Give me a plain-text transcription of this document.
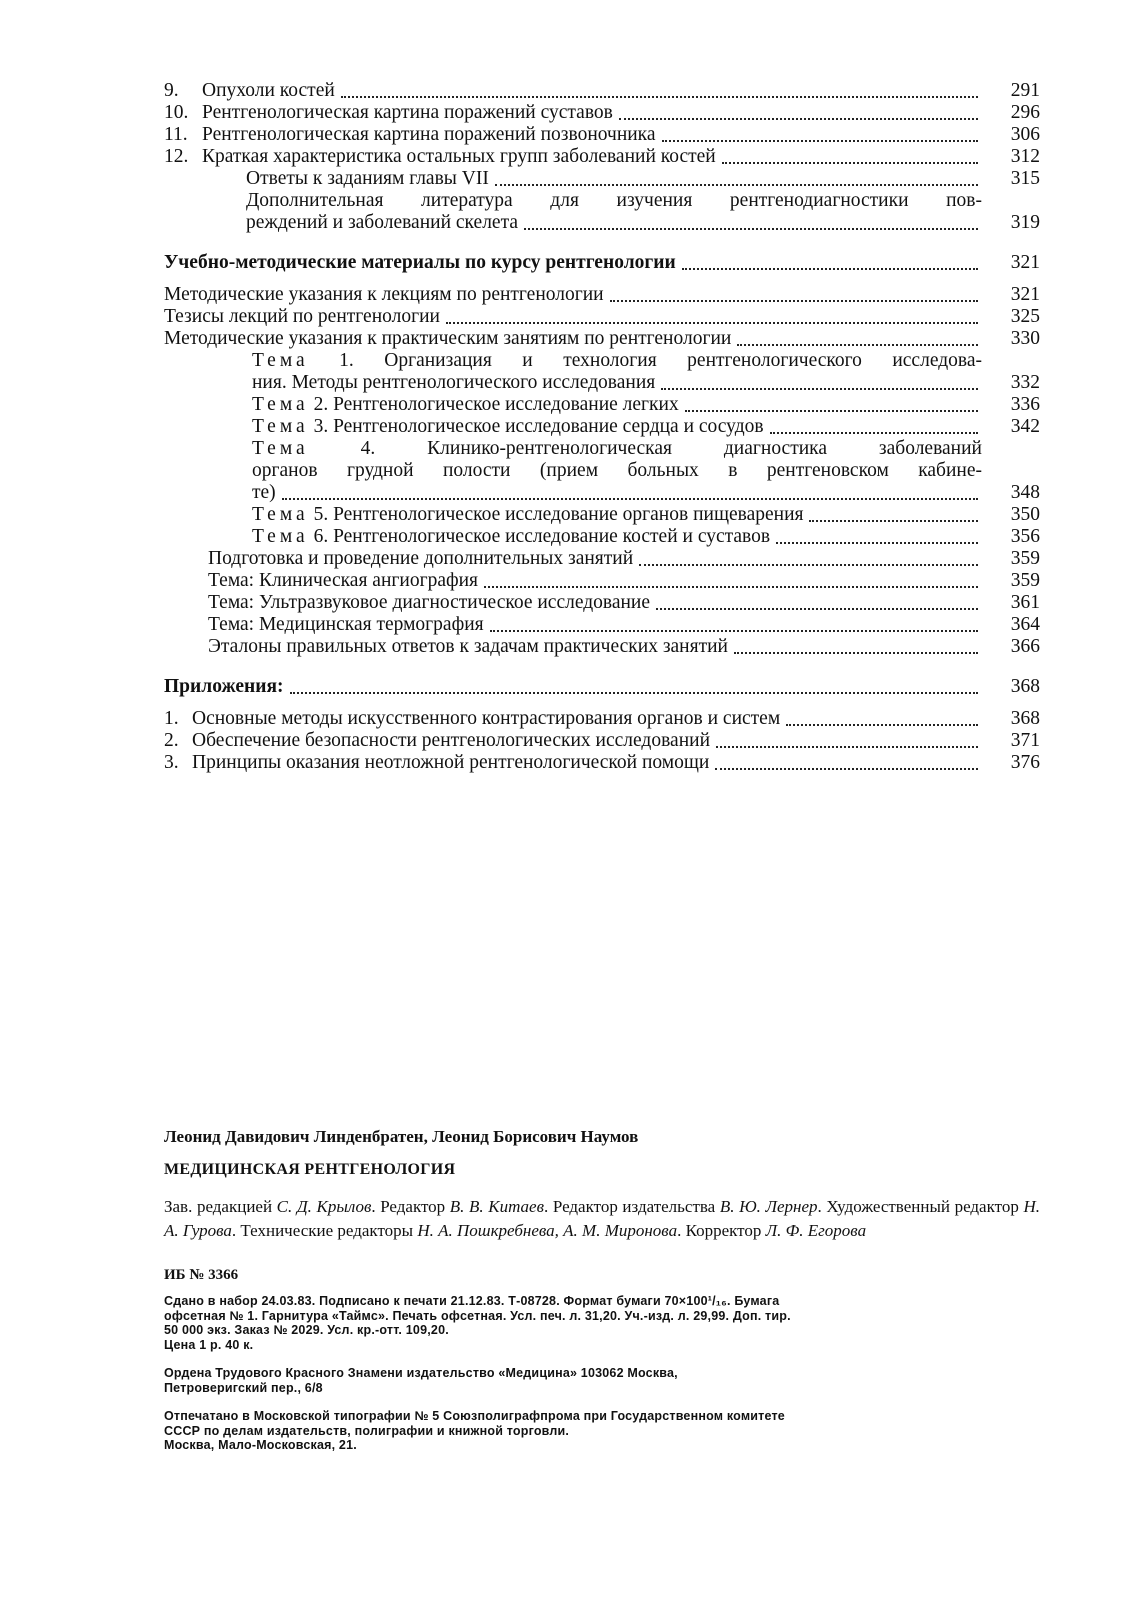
9.	Опухоли костей	291
10. Рентгенологическая картина поражений суставов	296
11. Рентгенологическая картина поражений позвоночника	306
12. Краткая характеристика остальных групп заболеваний костей	312
Ответы к заданиям главы VII	315
Дополнительная литература для изучения рентгенодиагностики пов-
реждений и заболеваний скелета	319
Учебно-методические материалы по курсу рентгенологии	321
Методические указания к лекциям по рентгенологии	321
Тезисы лекций по рентгенологии	325
Методические указания к практическим занятиям по рентгенологии	330
Тема 1. Организация и технология рентгенологического исследова-
ния. Методы рентгенологического исследования	332
Тема 2. Рентгенологическое исследование легких	336
Тема 3. Рентгенологическое исследование сердца и сосудов	342
Тема 4. Клинико-рентгенологическая диагностика заболеваний
органов грудной полости (прием больных в рентгеновском кабине-
те)	348
Тема 5. Рентгенологическое исследование органов пищеварения	350
Тема 6. Рентгенологическое исследование костей и суставов	356
Подготовка и проведение дополнительных занятий	359
Тема: Клиническая ангиография	359
Тема: Ультразвуковое диагностическое исследование	361
Тема: Медицинская термография	364
Эталоны правильных ответов к задачам практических занятий	366
Приложения:	368
1. Основные методы искусственного контрастирования органов и систем	368
2. Обеспечение безопасности рентгенологических исследований	371
3. Принципы оказания неотложной рентгенологической помощи	376
Леонид Давидович Линденбратен, Леонид Борисович Наумов
МЕДИЦИНСКАЯ РЕНТГЕНОЛОГИЯ
Зав. редакцией С. Д. Крылов. Редактор В. В. Китаев. Редактор издательства В. Ю. Лернер. Художественный редактор Н. А. Гурова. Технические редакторы Н. А. Пошкребнева, А. М. Миронова. Корректор Л. Ф. Егорова
ИБ № 3366
Сдано в набор 24.03.83. Подписано к печати 21.12.83. Т-08728. Формат бумаги 70×100¹/₁₆. Бумага
офсетная № 1. Гарнитура «Таймс». Печать офсетная. Усл. печ. л. 31,20. Уч.-изд. л. 29,99. Доп. тир.
50 000 экз. Заказ № 2029. Усл. кр.-отт. 109,20.
Цена 1 р. 40 к.
Ордена Трудового Красного Знамени издательство «Медицина» 103062 Москва,
Петроверигский пер., 6/8
Отпечатано в Московской типографии № 5 Союзполиграфпрома при Государственном комитете
СССР по делам издательств, полиграфии и книжной торговли.
Москва, Мало-Московская, 21.
